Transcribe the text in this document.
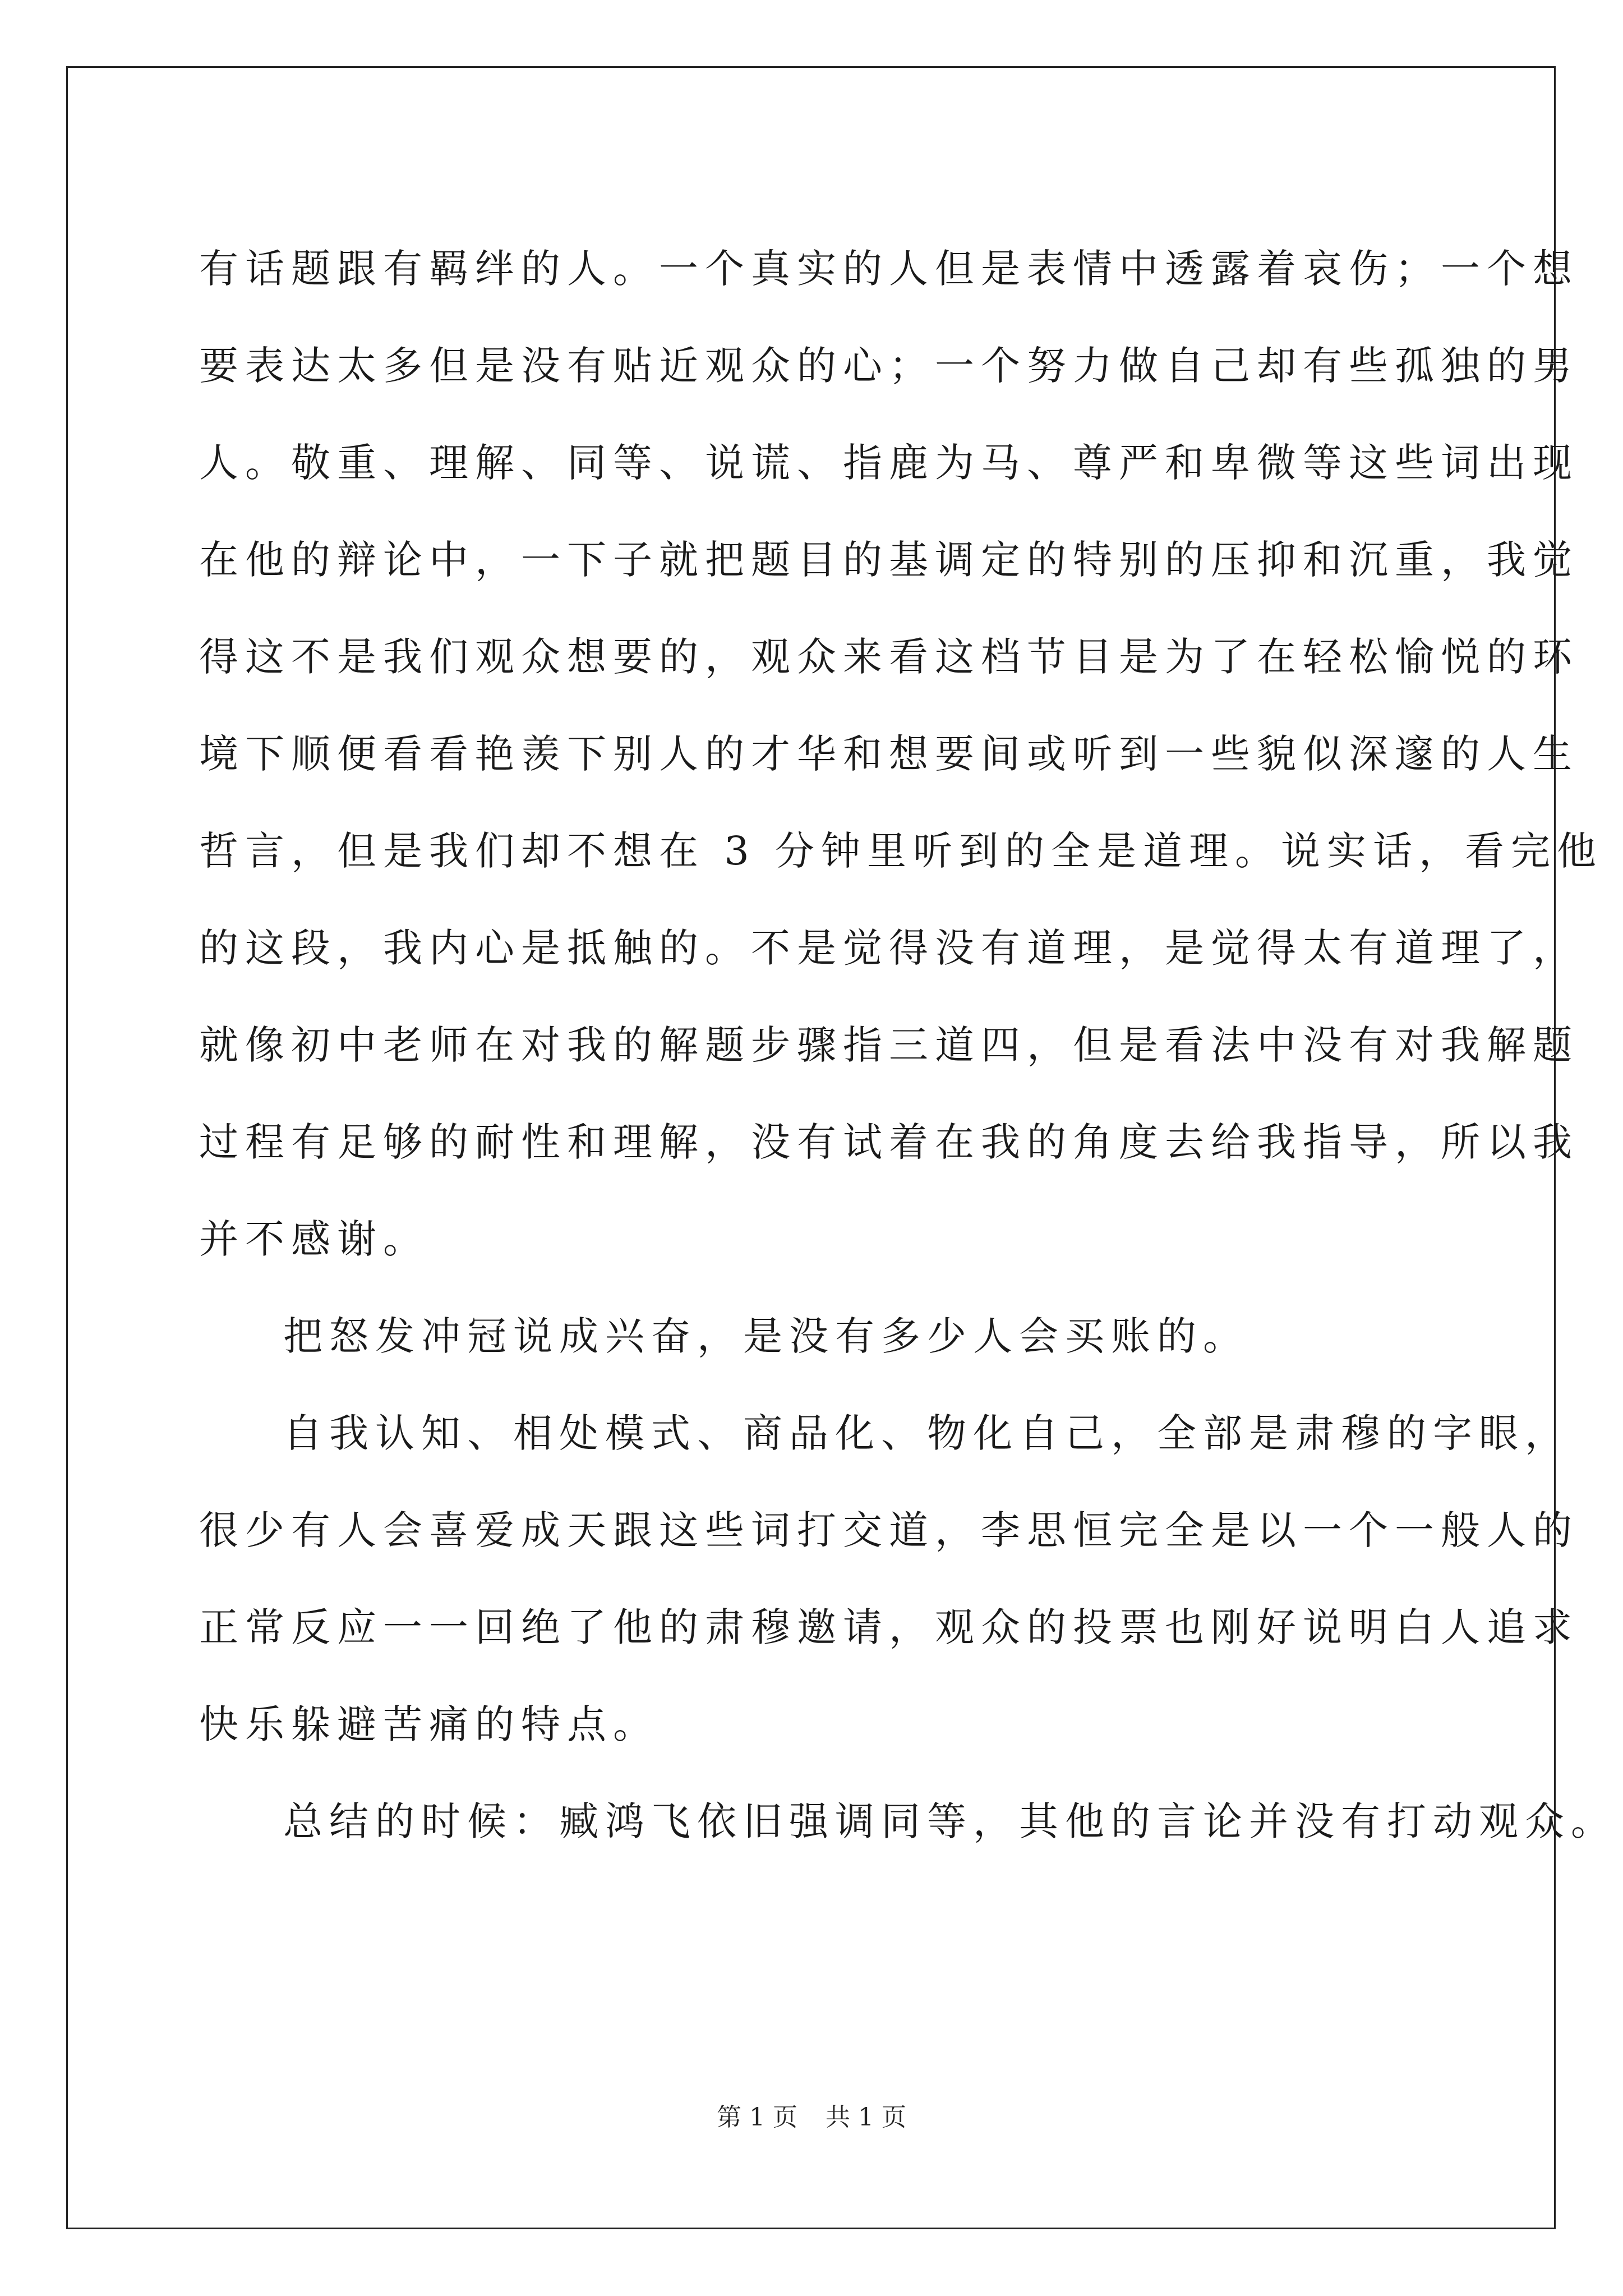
有话题跟有羁绊的人。一个真实的人但是表情中透露着哀伤；一个想
要表达太多但是没有贴近观众的心；一个努力做自己却有些孤独的男
人。敬重、理解、同等、说谎、指鹿为马、尊严和卑微等这些词出现
在他的辩论中，一下子就把题目的基调定的特别的压抑和沉重，我觉
得这不是我们观众想要的，观众来看这档节目是为了在轻松愉悦的环
境下顺便看看艳羡下别人的才华和想要间或听到一些貌似深邃的人生
哲言，但是我们却不想在 3 分钟里听到的全是道理。说实话，看完他
的这段，我内心是抵触的。不是觉得没有道理，是觉得太有道理了，
就像初中老师在对我的解题步骤指三道四，但是看法中没有对我解题
过程有足够的耐性和理解，没有试着在我的角度去给我指导，所以我
并不感谢。
把怒发冲冠说成兴奋，是没有多少人会买账的。
自我认知、相处模式、商品化、物化自己，全部是肃穆的字眼，
很少有人会喜爱成天跟这些词打交道，李思恒完全是以一个一般人的
正常反应一一回绝了他的肃穆邀请，观众的投票也刚好说明白人追求
快乐躲避苦痛的特点。
总结的时候：臧鸿飞依旧强调同等，其他的言论并没有打动观众。
第 1 页 共 1 页
